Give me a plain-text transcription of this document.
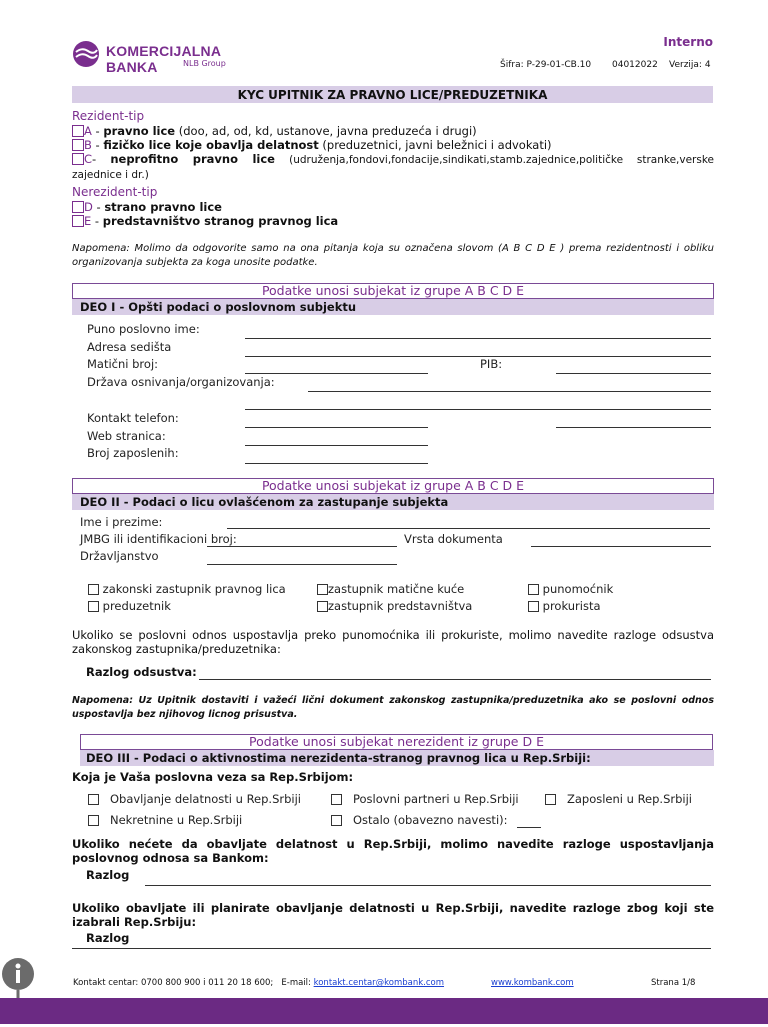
KOMERCIJALNA BANKA	NLB Group
Interno
Šifra: P-29-01-CB.10 04012022 Verzija: 4
KYC UPITNIK ZA PRAVNO LICE/PREDUZETNIKA
Rezident-tip
A - pravno lice (doo, ad, od, kd, ustanove, javna preduzeća i drugi)
B - fizičko lice koje obavlja delatnost (preduzetnici, javni beležnici i advokati)
C- neprofitno pravno lice (udruženja,fondovi,fondacije,sindikati,stamb.zajednice,političke stranke,verske zajednice i dr.)
Nerezident-tip
D - strano pravno lice
E - predstavništvo stranog pravnog lica
Napomena: Molimo da odgovorite samo na ona pitanja koja su označena slovom (A B C D E ) prema rezidentnosti i obliku organizovanja subjekta za koga unosite podatke.
Podatke unosi subjekat iz grupe A B C D E
DEO I - Opšti podaci o poslovnom subjektu
Puno poslovno ime:
Adresa sedišta
Matični broj:	PIB:
Država osnivanja/organizovanja:
Kontakt telefon:
Web stranica:
Broj zaposlenih:
Podatke unosi subjekat iz grupe A B C D E
DEO II - Podaci o licu ovlašćenom za zastupanje subjekta
Ime i prezime:
JMBG ili identifikacioni broj:	Vrsta dokumenta
Državljanstvo
zakonski zastupnik pravnog lica	zastupnik matične kuće	punomoćnik
preduzetnik	zastupnik predstavništva	prokurista
Ukoliko se poslovni odnos uspostavlja preko punomoćnika ili prokuriste, molimo navedite razloge odsustva zakonskog zastupnika/preduzetnika:
Razlog odsustva:
Napomena: Uz Upitnik dostaviti i važeći lični dokument zakonskog zastupnika/preduzetnika ako se poslovni odnos uspostavlja bez njihovog licnog prisustva.
Podatke unosi subjekat nerezident iz grupe D E
DEO III - Podaci o aktivnostima nerezidenta-stranog pravnog lica u Rep.Srbiji:
Koja je Vaša poslovna veza sa Rep.Srbijom:
Obavljanje delatnosti u Rep.Srbiji	Poslovni partneri u Rep.Srbiji	Zaposleni u Rep.Srbiji
Nekretnine u Rep.Srbiji	Ostalo (obavezno navesti):
Ukoliko nećete da obavljate delatnost u Rep.Srbiji, molimo navedite razloge uspostavljanja poslovnog odnosa sa Bankom:
Razlog
Ukoliko obavljate ili planirate obavljanje delatnosti u Rep.Srbiji, navedite razloge zbog koji ste izabrali Rep.Srbiju:
Razlog
Kontakt centar: 0700 800 900 i 011 20 18 600; E-mail: kontakt.centar@kombank.com	www.kombank.com	Strana 1/8
